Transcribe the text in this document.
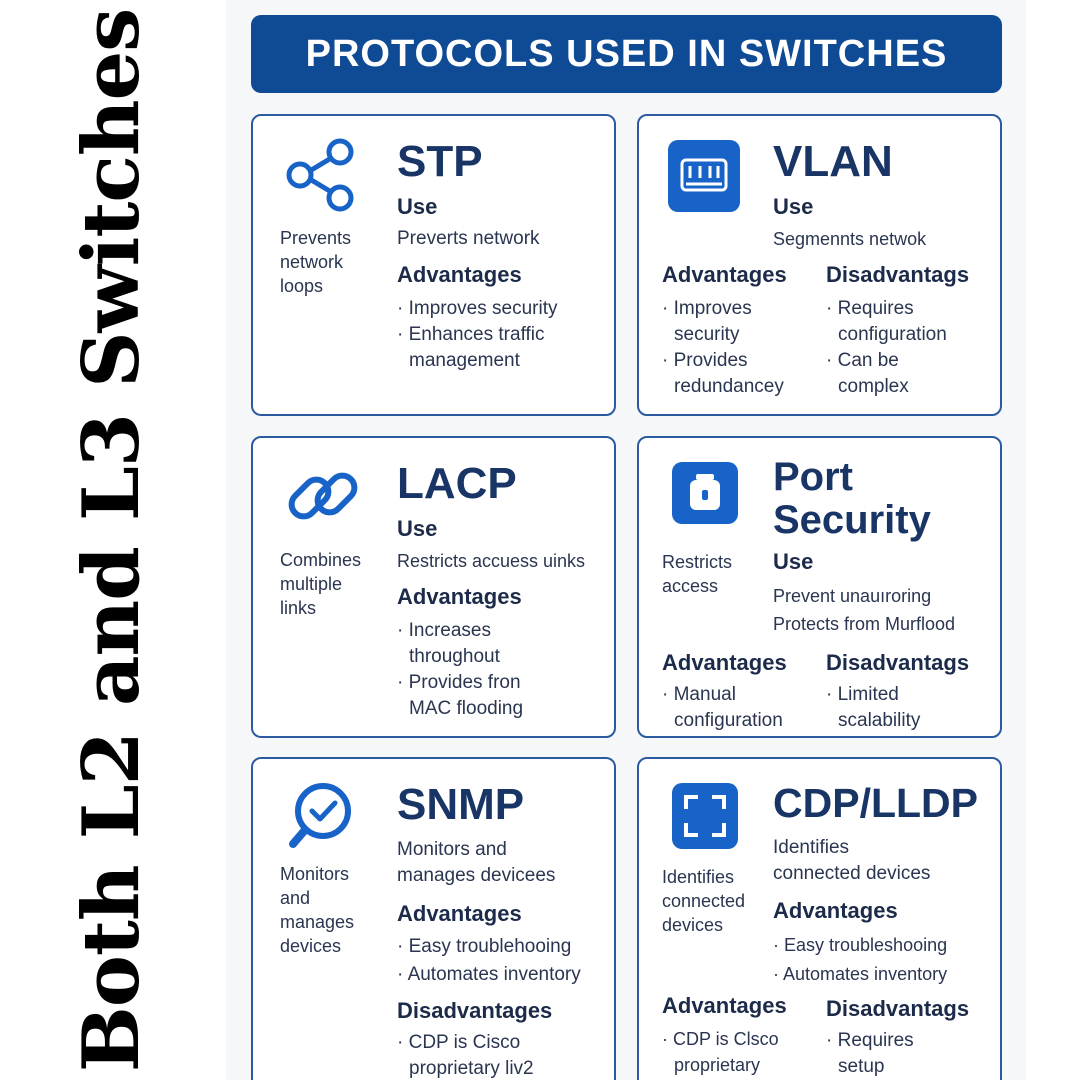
Both L2 and L3 Switches	PROTOCOLS USED IN SWITCHES
Prevents
network
loops
STP
Use
Preverts network
Advantages
· Improves security
· Enhances traffic management
VLAN
Use
Segmennts netwok
Advantages
· Improves security
· Provides redundancey
Disadvantags
· Requires configuration
· Can be complex
Combines
multiple
links
LACP
Use
Restricts accuess uinks
Advantages
· Increases throughout
· Provides fron MAC flooding
Restricts
access
Port
Security
Use
Prevent unauıroring
Protects from Murflood
Advantages
· Manual configuration
Disadvantags
· Limited scalability
Monitors
and
manages
devices
SNMP
Monitors and
manages devicees
Advantages
· Easy troublehooing
· Automates inventory
Disadvantages
· CDP is Cisco proprietary liv2
Identifies
connected
devices
CDP/LLDP
Identifies
connected devices
Advantages
· Easy troubleshooing
· Automates inventory
Advantages
· CDP is Clsco proprietary
Disadvantags
· Requires setup
